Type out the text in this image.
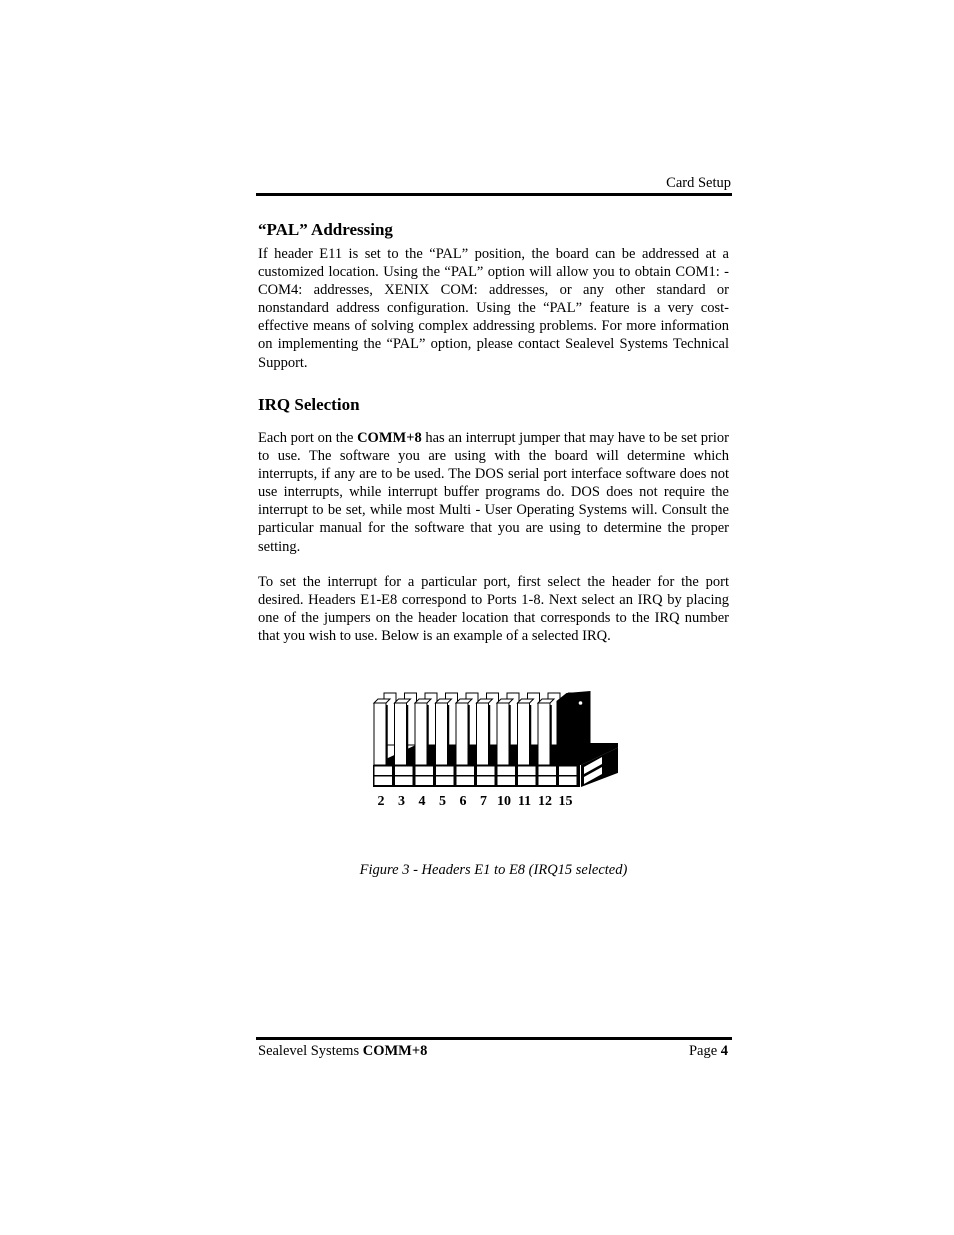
Card Setup
“PAL” Addressing

If header E11 is set to the “PAL” position, the board can be addressed at a customized location. Using the “PAL” option will allow you to obtain COM1: - COM4: addresses, XENIX COM: addresses, or any other standard or nonstandard address configuration. Using the “PAL” feature is a very cost-effective means of solving complex addressing problems. For more information on implementing the “PAL” option, please contact Sealevel Systems Technical Support.

IRQ Selection

Each port on the COMM+8 has an interrupt jumper that may have to be set prior to use. The software you are using with the board will determine which interrupts, if any are to be used. The DOS serial port interface software does not use interrupts, while interrupt buffer programs do. DOS does not require the interrupt to be set, while most Multi - User Operating Systems will. Consult the particular manual for the software that you are using to determine the proper setting.

To set the interrupt for a particular port, first select the header for the port desired. Headers E1-E8 correspond to Ports 1-8. Next select an IRQ by placing one of the jumpers on the header location that corresponds to the IRQ number that you wish to use. Below is an example of a selected IRQ.

2 3 4 5 6 7 10 11 12 15
Figure 3 - Headers E1 to E8 (IRQ15 selected)
Sealevel Systems COMM+8	Page 4
